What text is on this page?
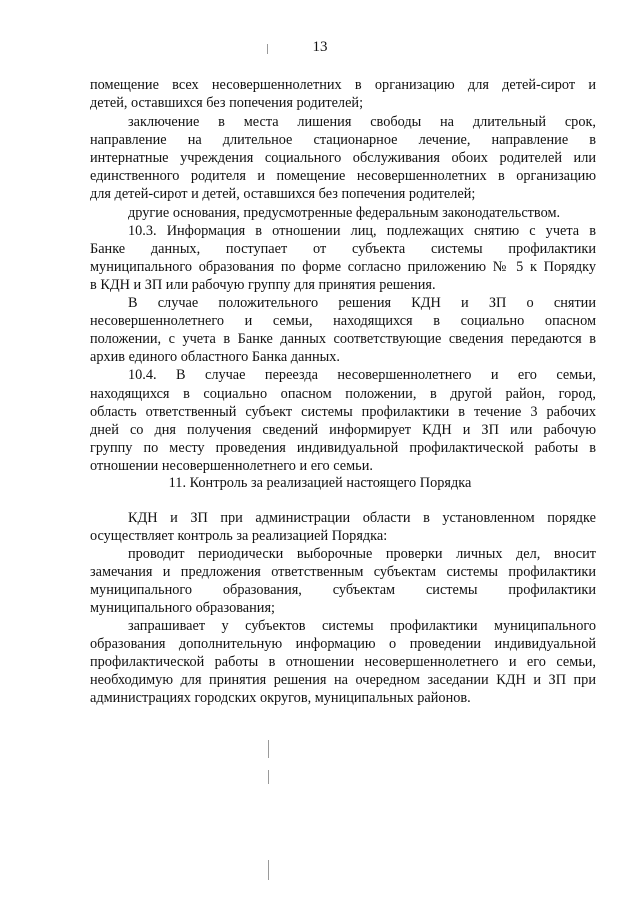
13
помещение всех несовершеннолетних в организацию для детей-сирот и
детей, оставшихся без попечения родителей;
заключение в места лишения свободы на длительный срок,
направление на длительное стационарное лечение, направление в
интернатные учреждения социального обслуживания обоих родителей или
единственного родителя и помещение несовершеннолетних в организацию
для детей-сирот и детей, оставшихся без попечения родителей;
другие основания, предусмотренные федеральным законодательством.
10.3. Информация в отношении лиц, подлежащих снятию с учета в
Банке данных, поступает от субъекта системы профилактики
муниципального образования по форме согласно приложению № 5 к Порядку
в КДН и ЗП или рабочую группу для принятия решения.
В случае положительного решения КДН и ЗП о снятии
несовершеннолетнего и семьи, находящихся в социально опасном
положении, с учета в Банке данных соответствующие сведения передаются в
архив единого областного Банка данных.
10.4. В случае переезда несовершеннолетнего и его семьи,
находящихся в социально опасном положении, в другой район, город,
область ответственный субъект системы профилактики в течение 3 рабочих
дней со дня получения сведений информирует КДН и ЗП или рабочую
группу по месту проведения индивидуальной профилактической работы в
отношении несовершеннолетнего и его семьи.
11. Контроль за реализацией настоящего Порядка
КДН и ЗП при администрации области в установленном порядке
осуществляет контроль за реализацией Порядка:
проводит периодически выборочные проверки личных дел, вносит
замечания и предложения ответственным субъектам системы профилактики
муниципального образования, субъектам системы профилактики
муниципального образования;
запрашивает у субъектов системы профилактики муниципального
образования дополнительную информацию о проведении индивидуальной
профилактической работы в отношении несовершеннолетнего и его семьи,
необходимую для принятия решения на очередном заседании КДН и ЗП при
администрациях городских округов, муниципальных районов.
